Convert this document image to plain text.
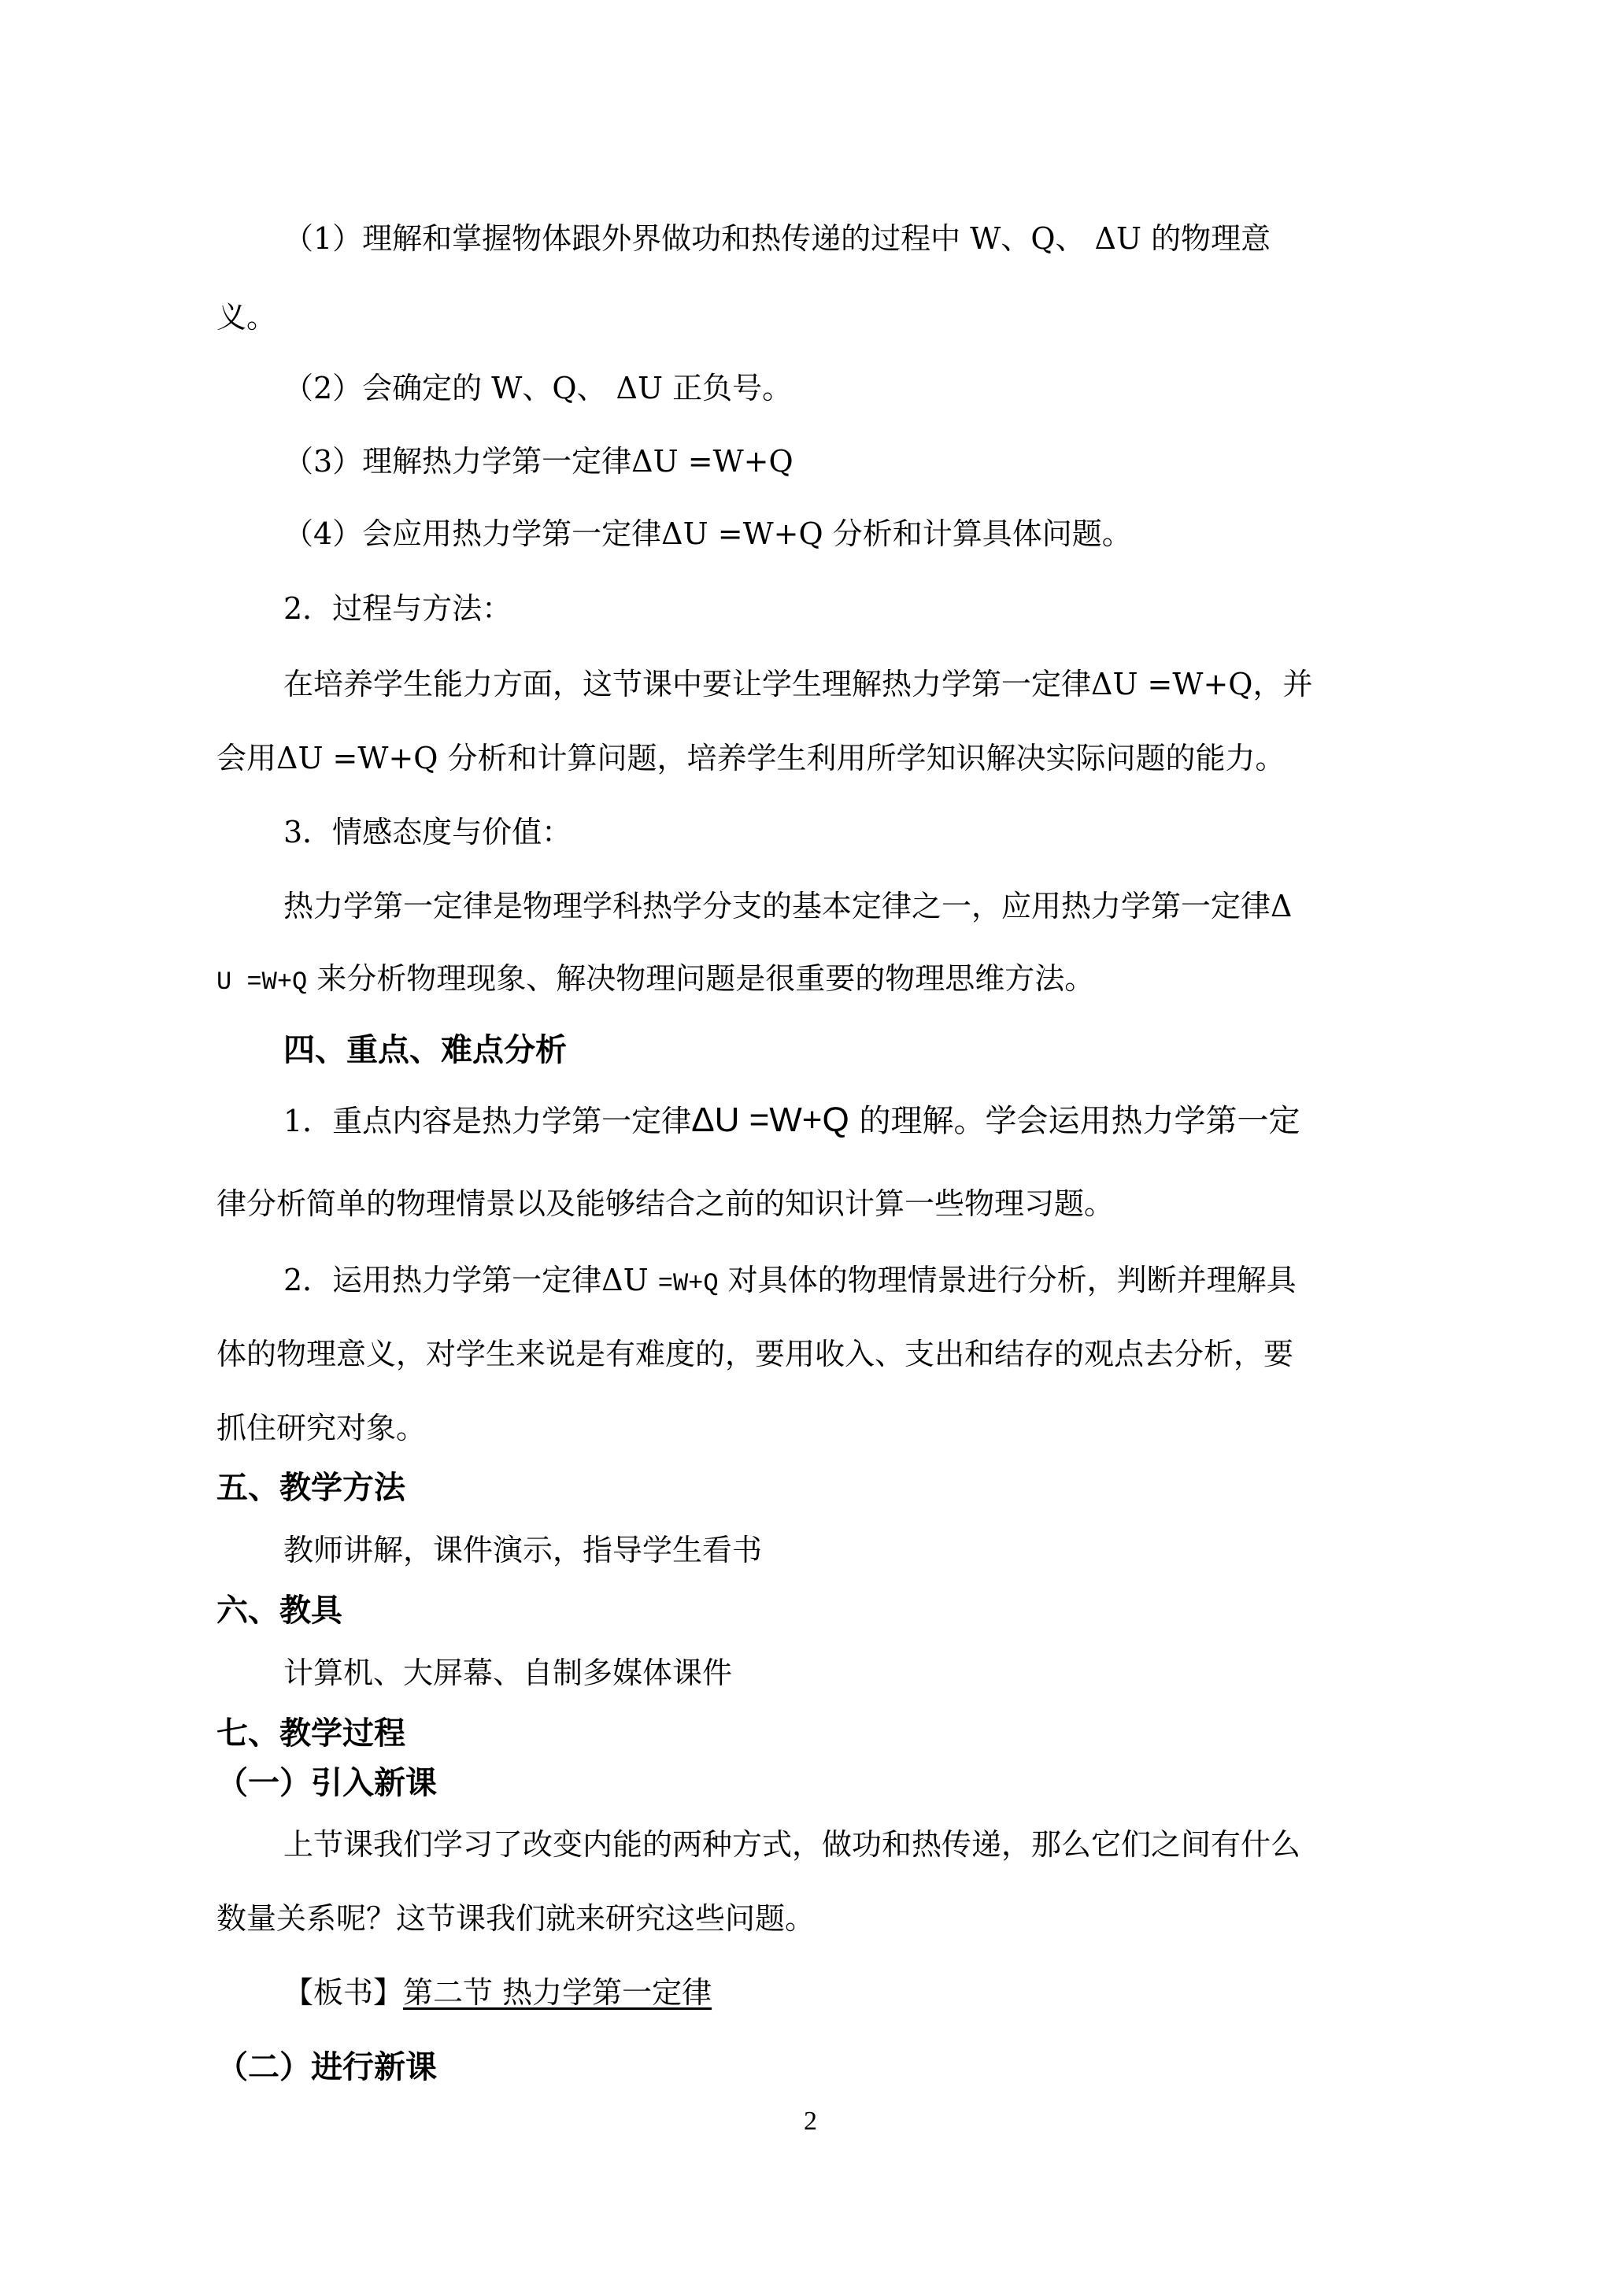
（1）理解和掌握物体跟外界做功和热传递的过程中 W、Q、 ΔU 的物理意
义。
（2）会确定的 W、Q、 ΔU 正负号。
（3）理解热力学第一定律ΔU =W+Q
（4）会应用热力学第一定律ΔU =W+Q 分析和计算具体问题。
2．过程与方法：
在培养学生能力方面，这节课中要让学生理解热力学第一定律ΔU =W+Q，并
会用ΔU =W+Q 分析和计算问题，培养学生利用所学知识解决实际问题的能力。
3．情感态度与价值：
热力学第一定律是物理学科热学分支的基本定律之一，应用热力学第一定律Δ
U =W+Q 来分析物理现象、解决物理问题是很重要的物理思维方法。
四、重点、难点分析
1．重点内容是热力学第一定律ΔU =W+Q 的理解。学会运用热力学第一定
律分析简单的物理情景以及能够结合之前的知识计算一些物理习题。
2．运用热力学第一定律ΔU =W+Q 对具体的物理情景进行分析，判断并理解具
体的物理意义，对学生来说是有难度的，要用收入、支出和结存的观点去分析，要
抓住研究对象。
五、教学方法
教师讲解，课件演示，指导学生看书
六、教具
计算机、大屏幕、自制多媒体课件
七、教学过程
（一）引入新课
上节课我们学习了改变内能的两种方式，做功和热传递，那么它们之间有什么
数量关系呢？这节课我们就来研究这些问题。
【板书】第二节 热力学第一定律
（二）进行新课
2
